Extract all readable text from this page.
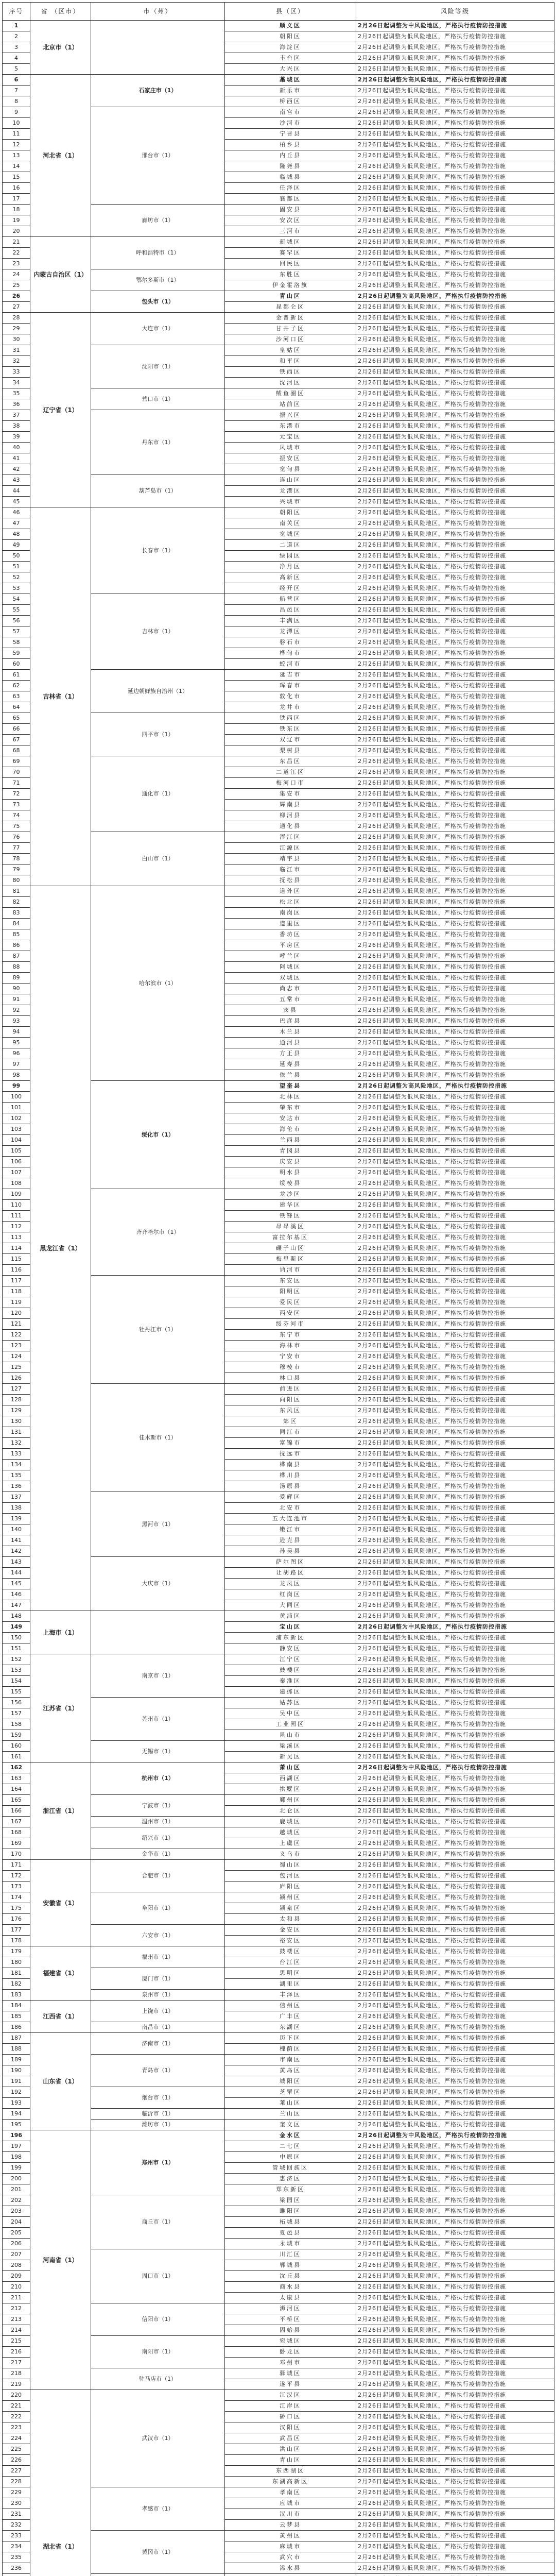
序号	省 （区市）	市（州）	县（区）	风险等级
1	北京市（1）		顺义区	2月26日起调整为中风险地区，严格执行疫情防控措施
2			朝阳区	2月26日起调整为低风险地区，严格执行疫情防控措施
3			海淀区	2月26日起调整为低风险地区，严格执行疫情防控措施
4			丰台区	2月26日起调整为低风险地区，严格执行疫情防控措施
5			大兴区	2月26日起调整为低风险地区，严格执行疫情防控措施
6	河北省（1）	石家庄市（1）	藁城区	2月26日起调整为高风险地区，严格执行疫情防控措施
7			新乐市	2月26日起调整为低风险地区，严格执行疫情防控措施
8			桥西区	2月26日起调整为低风险地区，严格执行疫情防控措施
9		邢台市（1）	南宫市	2月26日起调整为低风险地区，严格执行疫情防控措施
10			沙河市	2月26日起调整为低风险地区，严格执行疫情防控措施
11			宁晋县	2月26日起调整为低风险地区，严格执行疫情防控措施
12			柏乡县	2月26日起调整为低风险地区，严格执行疫情防控措施
13			内丘县	2月26日起调整为低风险地区，严格执行疫情防控措施
14			隆尧县	2月26日起调整为低风险地区，严格执行疫情防控措施
15			临城县	2月26日起调整为低风险地区，严格执行疫情防控措施
16			任泽区	2月26日起调整为低风险地区，严格执行疫情防控措施
17			襄都区	2月26日起调整为低风险地区，严格执行疫情防控措施
18		廊坊市（1）	固安县	2月26日起调整为低风险地区，严格执行疫情防控措施
19			安次区	2月26日起调整为低风险地区，严格执行疫情防控措施
20			三河市	2月26日起调整为低风险地区，严格执行疫情防控措施
21	内蒙古自治区（1）	呼和浩特市（1）	新城区	2月26日起调整为低风险地区，严格执行疫情防控措施
22			赛罕区	2月26日起调整为低风险地区，严格执行疫情防控措施
23			回民区	2月26日起调整为低风险地区，严格执行疫情防控措施
24		鄂尔多斯市（1）	东胜区	2月26日起调整为低风险地区，严格执行疫情防控措施
25			伊金霍洛旗	2月26日起调整为低风险地区，严格执行疫情防控措施
26		包头市（1）	青山区	2月26日起调整为高风险地区，严格执行疫情防控措施
27			昆都仑区	2月26日起调整为低风险地区，严格执行疫情防控措施
28	辽宁省（1）	大连市（1）	金普新区	2月26日起调整为低风险地区，严格执行疫情防控措施
29			甘井子区	2月26日起调整为低风险地区，严格执行疫情防控措施
30			沙河口区	2月26日起调整为低风险地区，严格执行疫情防控措施
31		沈阳市（1）	皇姑区	2月26日起调整为低风险地区，严格执行疫情防控措施
32			和平区	2月26日起调整为低风险地区，严格执行疫情防控措施
33			铁西区	2月26日起调整为低风险地区，严格执行疫情防控措施
34			沈河区	2月26日起调整为低风险地区，严格执行疫情防控措施
35		营口市（1）	鲅鱼圈区	2月26日起调整为低风险地区，严格执行疫情防控措施
36			站前区	2月26日起调整为低风险地区，严格执行疫情防控措施
37		丹东市（1）	振兴区	2月26日起调整为低风险地区，严格执行疫情防控措施
38			东港市	2月26日起调整为低风险地区，严格执行疫情防控措施
39			元宝区	2月26日起调整为低风险地区，严格执行疫情防控措施
40			凤城市	2月26日起调整为低风险地区，严格执行疫情防控措施
41			振安区	2月26日起调整为低风险地区，严格执行疫情防控措施
42			宽甸县	2月26日起调整为低风险地区，严格执行疫情防控措施
43		葫芦岛市（1）	连山区	2月26日起调整为低风险地区，严格执行疫情防控措施
44			龙港区	2月26日起调整为低风险地区，严格执行疫情防控措施
45			兴城市	2月26日起调整为低风险地区，严格执行疫情防控措施
46	吉林省（1）	长春市（1）	朝阳区	2月26日起调整为低风险地区，严格执行疫情防控措施
47			南关区	2月26日起调整为低风险地区，严格执行疫情防控措施
48			宽城区	2月26日起调整为低风险地区，严格执行疫情防控措施
49			二道区	2月26日起调整为低风险地区，严格执行疫情防控措施
50			绿园区	2月26日起调整为低风险地区，严格执行疫情防控措施
51			净月区	2月26日起调整为低风险地区，严格执行疫情防控措施
52			高新区	2月26日起调整为低风险地区，严格执行疫情防控措施
53			经开区	2月26日起调整为低风险地区，严格执行疫情防控措施
54		吉林市（1）	船营区	2月26日起调整为低风险地区，严格执行疫情防控措施
55			昌邑区	2月26日起调整为低风险地区，严格执行疫情防控措施
56			丰满区	2月26日起调整为低风险地区，严格执行疫情防控措施
57			龙潭区	2月26日起调整为低风险地区，严格执行疫情防控措施
58			磐石市	2月26日起调整为低风险地区，严格执行疫情防控措施
59			桦甸市	2月26日起调整为低风险地区，严格执行疫情防控措施
60			蛟河市	2月26日起调整为低风险地区，严格执行疫情防控措施
61		延边朝鲜族自治州（1）	延吉市	2月26日起调整为低风险地区，严格执行疫情防控措施
62			珲春市	2月26日起调整为低风险地区，严格执行疫情防控措施
63			敦化市	2月26日起调整为低风险地区，严格执行疫情防控措施
64			龙井市	2月26日起调整为低风险地区，严格执行疫情防控措施
65		四平市（1）	铁西区	2月26日起调整为低风险地区，严格执行疫情防控措施
66			铁东区	2月26日起调整为低风险地区，严格执行疫情防控措施
67			双辽市	2月26日起调整为低风险地区，严格执行疫情防控措施
68			梨树县	2月26日起调整为低风险地区，严格执行疫情防控措施
69		通化市（1）	东昌区	2月26日起调整为低风险地区，严格执行疫情防控措施
70			二道江区	2月26日起调整为低风险地区，严格执行疫情防控措施
71			梅河口市	2月26日起调整为低风险地区，严格执行疫情防控措施
72			集安市	2月26日起调整为低风险地区，严格执行疫情防控措施
73			辉南县	2月26日起调整为低风险地区，严格执行疫情防控措施
74			柳河县	2月26日起调整为低风险地区，严格执行疫情防控措施
75			通化县	2月26日起调整为低风险地区，严格执行疫情防控措施
76		白山市（1）	浑江区	2月26日起调整为低风险地区，严格执行疫情防控措施
77			江源区	2月26日起调整为低风险地区，严格执行疫情防控措施
78			靖宇县	2月26日起调整为低风险地区，严格执行疫情防控措施
79			临江市	2月26日起调整为低风险地区，严格执行疫情防控措施
80			抚松县	2月26日起调整为低风险地区，严格执行疫情防控措施
81	黑龙江省（1）	哈尔滨市（1）	道外区	2月26日起调整为低风险地区，严格执行疫情防控措施
82			松北区	2月26日起调整为低风险地区，严格执行疫情防控措施
83			南岗区	2月26日起调整为低风险地区，严格执行疫情防控措施
84			道里区	2月26日起调整为低风险地区，严格执行疫情防控措施
85			香坊区	2月26日起调整为低风险地区，严格执行疫情防控措施
86			平房区	2月26日起调整为低风险地区，严格执行疫情防控措施
87			呼兰区	2月26日起调整为低风险地区，严格执行疫情防控措施
88			阿城区	2月26日起调整为低风险地区，严格执行疫情防控措施
89			双城区	2月26日起调整为低风险地区，严格执行疫情防控措施
90			尚志市	2月26日起调整为低风险地区，严格执行疫情防控措施
91			五常市	2月26日起调整为低风险地区，严格执行疫情防控措施
92			宾县	2月26日起调整为低风险地区，严格执行疫情防控措施
93			巴彦县	2月26日起调整为低风险地区，严格执行疫情防控措施
94			木兰县	2月26日起调整为低风险地区，严格执行疫情防控措施
95			通河县	2月26日起调整为低风险地区，严格执行疫情防控措施
96			方正县	2月26日起调整为低风险地区，严格执行疫情防控措施
97			延寿县	2月26日起调整为低风险地区，严格执行疫情防控措施
98			依兰县	2月26日起调整为低风险地区，严格执行疫情防控措施
99		绥化市（1）	望奎县	2月26日起调整为高风险地区，严格执行疫情防控措施
100			北林区	2月26日起调整为低风险地区，严格执行疫情防控措施
101			肇东市	2月26日起调整为低风险地区，严格执行疫情防控措施
102			安达市	2月26日起调整为低风险地区，严格执行疫情防控措施
103			海伦市	2月26日起调整为低风险地区，严格执行疫情防控措施
104			兰西县	2月26日起调整为低风险地区，严格执行疫情防控措施
105			青冈县	2月26日起调整为低风险地区，严格执行疫情防控措施
106			庆安县	2月26日起调整为低风险地区，严格执行疫情防控措施
107			明水县	2月26日起调整为低风险地区，严格执行疫情防控措施
108			绥棱县	2月26日起调整为低风险地区，严格执行疫情防控措施
109		齐齐哈尔市（1）	龙沙区	2月26日起调整为低风险地区，严格执行疫情防控措施
110			建华区	2月26日起调整为低风险地区，严格执行疫情防控措施
111			铁锋区	2月26日起调整为低风险地区，严格执行疫情防控措施
112			昂昂溪区	2月26日起调整为低风险地区，严格执行疫情防控措施
113			富拉尔基区	2月26日起调整为低风险地区，严格执行疫情防控措施
114			碾子山区	2月26日起调整为低风险地区，严格执行疫情防控措施
115			梅里斯区	2月26日起调整为低风险地区，严格执行疫情防控措施
116			讷河市	2月26日起调整为低风险地区，严格执行疫情防控措施
117		牡丹江市（1）	东安区	2月26日起调整为低风险地区，严格执行疫情防控措施
118			阳明区	2月26日起调整为低风险地区，严格执行疫情防控措施
119			爱民区	2月26日起调整为低风险地区，严格执行疫情防控措施
120			西安区	2月26日起调整为低风险地区，严格执行疫情防控措施
121			绥芬河市	2月26日起调整为低风险地区，严格执行疫情防控措施
122			东宁市	2月26日起调整为低风险地区，严格执行疫情防控措施
123			海林市	2月26日起调整为低风险地区，严格执行疫情防控措施
124			宁安市	2月26日起调整为低风险地区，严格执行疫情防控措施
125			穆棱市	2月26日起调整为低风险地区，严格执行疫情防控措施
126			林口县	2月26日起调整为低风险地区，严格执行疫情防控措施
127		佳木斯市（1）	前进区	2月26日起调整为低风险地区，严格执行疫情防控措施
128			向阳区	2月26日起调整为低风险地区，严格执行疫情防控措施
129			东风区	2月26日起调整为低风险地区，严格执行疫情防控措施
130			郊区	2月26日起调整为低风险地区，严格执行疫情防控措施
131			同江市	2月26日起调整为低风险地区，严格执行疫情防控措施
132			富锦市	2月26日起调整为低风险地区，严格执行疫情防控措施
133			抚远市	2月26日起调整为低风险地区，严格执行疫情防控措施
134			桦南县	2月26日起调整为低风险地区，严格执行疫情防控措施
135			桦川县	2月26日起调整为低风险地区，严格执行疫情防控措施
136			汤原县	2月26日起调整为低风险地区，严格执行疫情防控措施
137		黑河市（1）	爱辉区	2月26日起调整为低风险地区，严格执行疫情防控措施
138			北安市	2月26日起调整为低风险地区，严格执行疫情防控措施
139			五大连池市	2月26日起调整为低风险地区，严格执行疫情防控措施
140			嫩江市	2月26日起调整为低风险地区，严格执行疫情防控措施
141			逊克县	2月26日起调整为低风险地区，严格执行疫情防控措施
142			孙吴县	2月26日起调整为低风险地区，严格执行疫情防控措施
143		大庆市（1）	萨尔图区	2月26日起调整为低风险地区，严格执行疫情防控措施
144			让胡路区	2月26日起调整为低风险地区，严格执行疫情防控措施
145			龙凤区	2月26日起调整为低风险地区，严格执行疫情防控措施
146			红岗区	2月26日起调整为低风险地区，严格执行疫情防控措施
147			大同区	2月26日起调整为低风险地区，严格执行疫情防控措施
148	上海市（1）		黄浦区	2月26日起调整为低风险地区，严格执行疫情防控措施
149			宝山区	2月26日起调整为中风险地区，严格执行疫情防控措施
150			浦东新区	2月26日起调整为低风险地区，严格执行疫情防控措施
151			静安区	2月26日起调整为低风险地区，严格执行疫情防控措施
152	江苏省（1）	南京市（1）	江宁区	2月26日起调整为低风险地区，严格执行疫情防控措施
153			鼓楼区	2月26日起调整为低风险地区，严格执行疫情防控措施
154			秦淮区	2月26日起调整为低风险地区，严格执行疫情防控措施
155			建邺区	2月26日起调整为低风险地区，严格执行疫情防控措施
156		苏州市（1）	姑苏区	2月26日起调整为低风险地区，严格执行疫情防控措施
157			吴中区	2月26日起调整为低风险地区，严格执行疫情防控措施
158			工业园区	2月26日起调整为低风险地区，严格执行疫情防控措施
159			昆山市	2月26日起调整为低风险地区，严格执行疫情防控措施
160		无锡市（1）	梁溪区	2月26日起调整为低风险地区，严格执行疫情防控措施
161			新吴区	2月26日起调整为低风险地区，严格执行疫情防控措施
162	浙江省（1）	杭州市（1）	萧山区	2月26日起调整为中风险地区，严格执行疫情防控措施
163			西湖区	2月26日起调整为低风险地区，严格执行疫情防控措施
164			拱墅区	2月26日起调整为低风险地区，严格执行疫情防控措施
165		宁波市（1）	鄞州区	2月26日起调整为低风险地区，严格执行疫情防控措施
166			北仑区	2月26日起调整为低风险地区，严格执行疫情防控措施
167		温州市（1）	鹿城区	2月26日起调整为低风险地区，严格执行疫情防控措施
168		绍兴市（1）	越城区	2月26日起调整为低风险地区，严格执行疫情防控措施
169			上虞区	2月26日起调整为低风险地区，严格执行疫情防控措施
170		金华市（1）	义乌市	2月26日起调整为低风险地区，严格执行疫情防控措施
171	安徽省（1）	合肥市（1）	蜀山区	2月26日起调整为低风险地区，严格执行疫情防控措施
172			包河区	2月26日起调整为低风险地区，严格执行疫情防控措施
173			庐阳区	2月26日起调整为低风险地区，严格执行疫情防控措施
174		阜阳市（1）	颍州区	2月26日起调整为低风险地区，严格执行疫情防控措施
175			颍泉区	2月26日起调整为低风险地区，严格执行疫情防控措施
176			太和县	2月26日起调整为低风险地区，严格执行疫情防控措施
177		六安市（1）	金安区	2月26日起调整为低风险地区，严格执行疫情防控措施
178			裕安区	2月26日起调整为低风险地区，严格执行疫情防控措施
179	福建省（1）	福州市（1）	鼓楼区	2月26日起调整为低风险地区，严格执行疫情防控措施
180			台江区	2月26日起调整为低风险地区，严格执行疫情防控措施
181		厦门市（1）	思明区	2月26日起调整为低风险地区，严格执行疫情防控措施
182			湖里区	2月26日起调整为低风险地区，严格执行疫情防控措施
183		泉州市（1）	丰泽区	2月26日起调整为低风险地区，严格执行疫情防控措施
184	江西省（1）	上饶市（1）	信州区	2月26日起调整为低风险地区，严格执行疫情防控措施
185			广丰区	2月26日起调整为低风险地区，严格执行疫情防控措施
186		南昌市（1）	东湖区	2月26日起调整为低风险地区，严格执行疫情防控措施
187	山东省（1）	济南市（1）	历下区	2月26日起调整为低风险地区，严格执行疫情防控措施
188			槐荫区	2月26日起调整为低风险地区，严格执行疫情防控措施
189		青岛市（1）	市南区	2月26日起调整为低风险地区，严格执行疫情防控措施
190			黄岛区	2月26日起调整为低风险地区，严格执行疫情防控措施
191			城阳区	2月26日起调整为低风险地区，严格执行疫情防控措施
192		烟台市（1）	芝罘区	2月26日起调整为低风险地区，严格执行疫情防控措施
193			莱山区	2月26日起调整为低风险地区，严格执行疫情防控措施
194		临沂市（1）	兰山区	2月26日起调整为低风险地区，严格执行疫情防控措施
195		潍坊市（1）	奎文区	2月26日起调整为低风险地区，严格执行疫情防控措施
196	河南省（1）	郑州市（1）	金水区	2月26日起调整为中风险地区，严格执行疫情防控措施
197			二七区	2月26日起调整为低风险地区，严格执行疫情防控措施
198			中原区	2月26日起调整为低风险地区，严格执行疫情防控措施
199			管城回族区	2月26日起调整为低风险地区，严格执行疫情防控措施
200			惠济区	2月26日起调整为低风险地区，严格执行疫情防控措施
201			郑东新区	2月26日起调整为低风险地区，严格执行疫情防控措施
202		商丘市（1）	梁园区	2月26日起调整为低风险地区，严格执行疫情防控措施
203			睢阳区	2月26日起调整为低风险地区，严格执行疫情防控措施
204			柘城县	2月26日起调整为低风险地区，严格执行疫情防控措施
205			夏邑县	2月26日起调整为低风险地区，严格执行疫情防控措施
206			永城市	2月26日起调整为低风险地区，严格执行疫情防控措施
207		周口市（1）	川汇区	2月26日起调整为低风险地区，严格执行疫情防控措施
208			郸城县	2月26日起调整为低风险地区，严格执行疫情防控措施
209			沈丘县	2月26日起调整为低风险地区，严格执行疫情防控措施
210			商水县	2月26日起调整为低风险地区，严格执行疫情防控措施
211			太康县	2月26日起调整为低风险地区，严格执行疫情防控措施
212		信阳市（1）	浉河区	2月26日起调整为低风险地区，严格执行疫情防控措施
213			平桥区	2月26日起调整为低风险地区，严格执行疫情防控措施
214			固始县	2月26日起调整为低风险地区，严格执行疫情防控措施
215		南阳市（1）	宛城区	2月26日起调整为低风险地区，严格执行疫情防控措施
216			卧龙区	2月26日起调整为低风险地区，严格执行疫情防控措施
217			邓州市	2月26日起调整为低风险地区，严格执行疫情防控措施
218		驻马店市（1）	驿城区	2月26日起调整为低风险地区，严格执行疫情防控措施
219			遂平县	2月26日起调整为低风险地区，严格执行疫情防控措施
220	湖北省（1）	武汉市（1）	江汉区	2月26日起调整为低风险地区，严格执行疫情防控措施
221			江岸区	2月26日起调整为低风险地区，严格执行疫情防控措施
222			硚口区	2月26日起调整为低风险地区，严格执行疫情防控措施
223			汉阳区	2月26日起调整为低风险地区，严格执行疫情防控措施
224			武昌区	2月26日起调整为低风险地区，严格执行疫情防控措施
225			洪山区	2月26日起调整为低风险地区，严格执行疫情防控措施
226			青山区	2月26日起调整为低风险地区，严格执行疫情防控措施
227			东西湖区	2月26日起调整为低风险地区，严格执行疫情防控措施
228			东湖高新区	2月26日起调整为低风险地区，严格执行疫情防控措施
229		孝感市（1）	孝南区	2月26日起调整为低风险地区，严格执行疫情防控措施
230			应城市	2月26日起调整为低风险地区，严格执行疫情防控措施
231			汉川市	2月26日起调整为低风险地区，严格执行疫情防控措施
232			云梦县	2月26日起调整为低风险地区，严格执行疫情防控措施
233		黄冈市（1）	黄州区	2月26日起调整为低风险地区，严格执行疫情防控措施
234			麻城市	2月26日起调整为低风险地区，严格执行疫情防控措施
235			武穴市	2月26日起调整为低风险地区，严格执行疫情防控措施
236			浠水县	2月26日起调整为低风险地区，严格执行疫情防控措施
